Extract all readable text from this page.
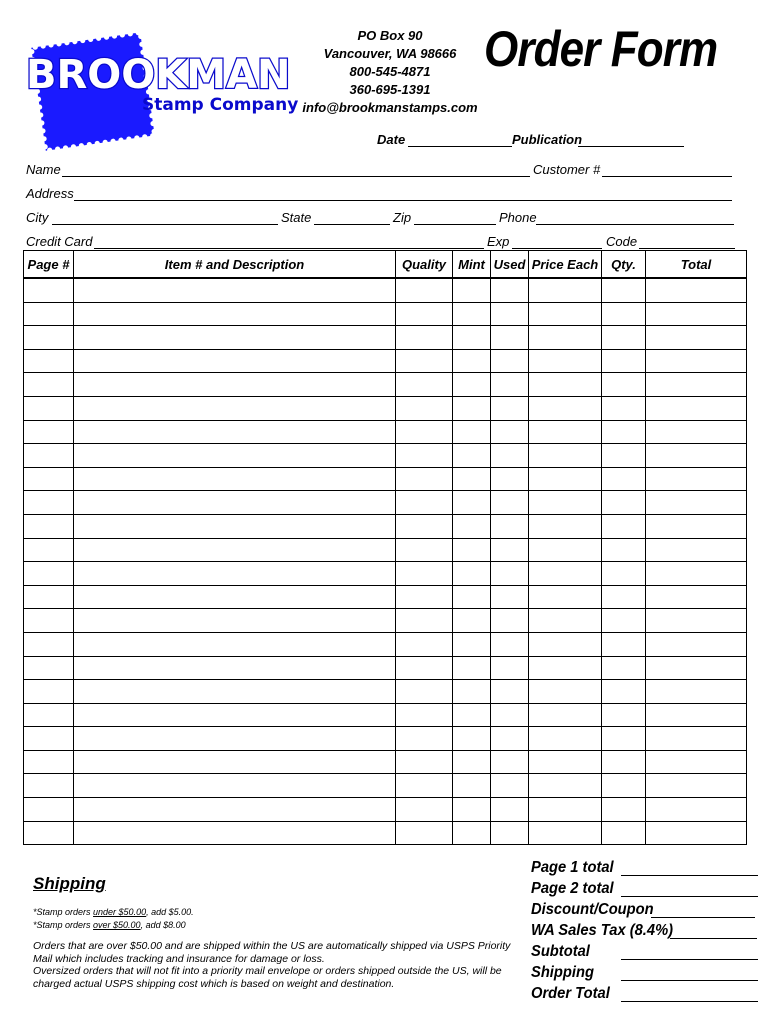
BROOKMAN
Stamp Company
PO Box 90
Vancouver, WA 98666
800-545-4871
360-695-1391
info@brookmanstamps.com
Order Form
Date	Publication
Name	Customer #
Address
City	State	Zip	Phone
Credit Card	Exp	Code
Page #	Item # and Description	Quality	Mint	Used	Price Each	Qty.	Total

Page 1 total
Page 2 total
Discount/Coupon
WA Sales Tax (8.4%)
Subtotal
Shipping
Order Total
Shipping
*Stamp orders under $50.00, add $5.00.
*Stamp orders over $50.00, add $8.00
Orders that are over $50.00 and are shipped within the US are automatically shipped via USPS Priority Mail which includes tracking and insurance for damage or loss.
Oversized orders that will not fit into a priority mail envelope or orders shipped outside the US, will be charged actual USPS shipping cost which is based on weight and destination.
